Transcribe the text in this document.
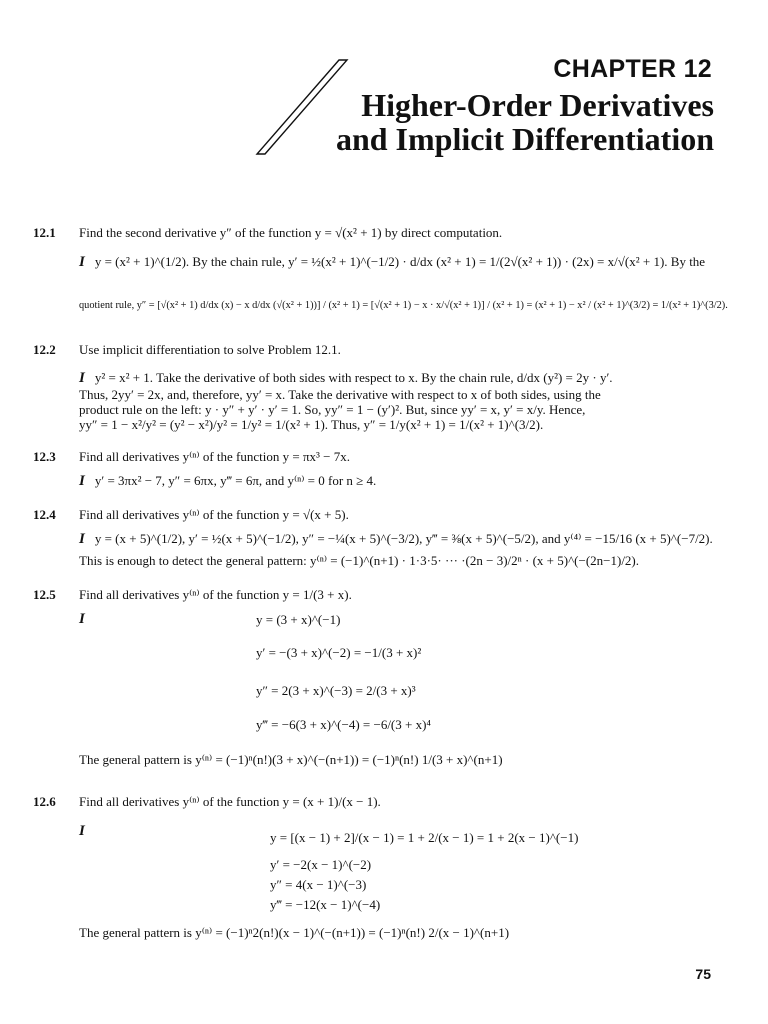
CHAPTER 12
Higher-Order Derivatives
and Implicit Differentiation
12.1 Find the second derivative y″ of the function y = √(x² + 1) by direct computation.
I y = (x² + 1)^(1/2). By the chain rule, y′ = ½(x² + 1)^(−1/2) · d/dx (x² + 1) = 1/(2√(x² + 1)) · (2x) = x/√(x² + 1). By the
quotient rule, y″ = [√(x² + 1) d/dx (x) − x d/dx (√(x² + 1))] / (x² + 1) = [√(x² + 1) − x · x/√(x² + 1)] / (x² + 1) = (x² + 1) − x² / (x² + 1)^(3/2) = 1/(x² + 1)^(3/2).
12.2 Use implicit differentiation to solve Problem 12.1.
I y² = x² + 1. Take the derivative of both sides with respect to x. By the chain rule, d/dx (y²) = 2y · y′.
Thus, 2yy′ = 2x, and, therefore, yy′ = x. Take the derivative with respect to x of both sides, using the
product rule on the left: y · y″ + y′ · y′ = 1. So, yy″ = 1 − (y′)². But, since yy′ = x, y′ = x/y. Hence,
yy″ = 1 − x²/y² = (y² − x²)/y² = 1/y² = 1/(x² + 1). Thus, y″ = 1/y(x² + 1) = 1/(x² + 1)^(3/2).
12.3 Find all derivatives y⁽ⁿ⁾ of the function y = πx³ − 7x.
I y′ = 3πx² − 7, y″ = 6πx, y‴ = 6π, and y⁽ⁿ⁾ = 0 for n ≥ 4.
12.4 Find all derivatives y⁽ⁿ⁾ of the function y = √(x + 5).
I y = (x + 5)^(1/2), y′ = ½(x + 5)^(−1/2), y″ = −¼(x + 5)^(−3/2), y‴ = ⅜(x + 5)^(−5/2), and y⁽⁴⁾ = −15/16 (x + 5)^(−7/2).
This is enough to detect the general pattern: y⁽ⁿ⁾ = (−1)^(n+1) · 1·3·5· ··· ·(2n − 3)/2ⁿ · (x + 5)^(−(2n−1)/2).
12.5 Find all derivatives y⁽ⁿ⁾ of the function y = 1/(3 + x).
I	y = (3 + x)^(−1)
y′ = −(3 + x)^(−2) = −1/(3 + x)²
y″ = 2(3 + x)^(−3) = 2/(3 + x)³
y‴ = −6(3 + x)^(−4) = −6/(3 + x)⁴
The general pattern is y⁽ⁿ⁾ = (−1)ⁿ(n!)(3 + x)^(−(n+1)) = (−1)ⁿ(n!) 1/(3 + x)^(n+1)
12.6 Find all derivatives y⁽ⁿ⁾ of the function y = (x + 1)/(x − 1).
I	y = [(x − 1) + 2]/(x − 1) = 1 + 2/(x − 1) = 1 + 2(x − 1)^(−1)
y′ = −2(x − 1)^(−2)
y″ = 4(x − 1)^(−3)
y‴ = −12(x − 1)^(−4)
The general pattern is y⁽ⁿ⁾ = (−1)ⁿ2(n!)(x − 1)^(−(n+1)) = (−1)ⁿ(n!) 2/(x − 1)^(n+1)
75
